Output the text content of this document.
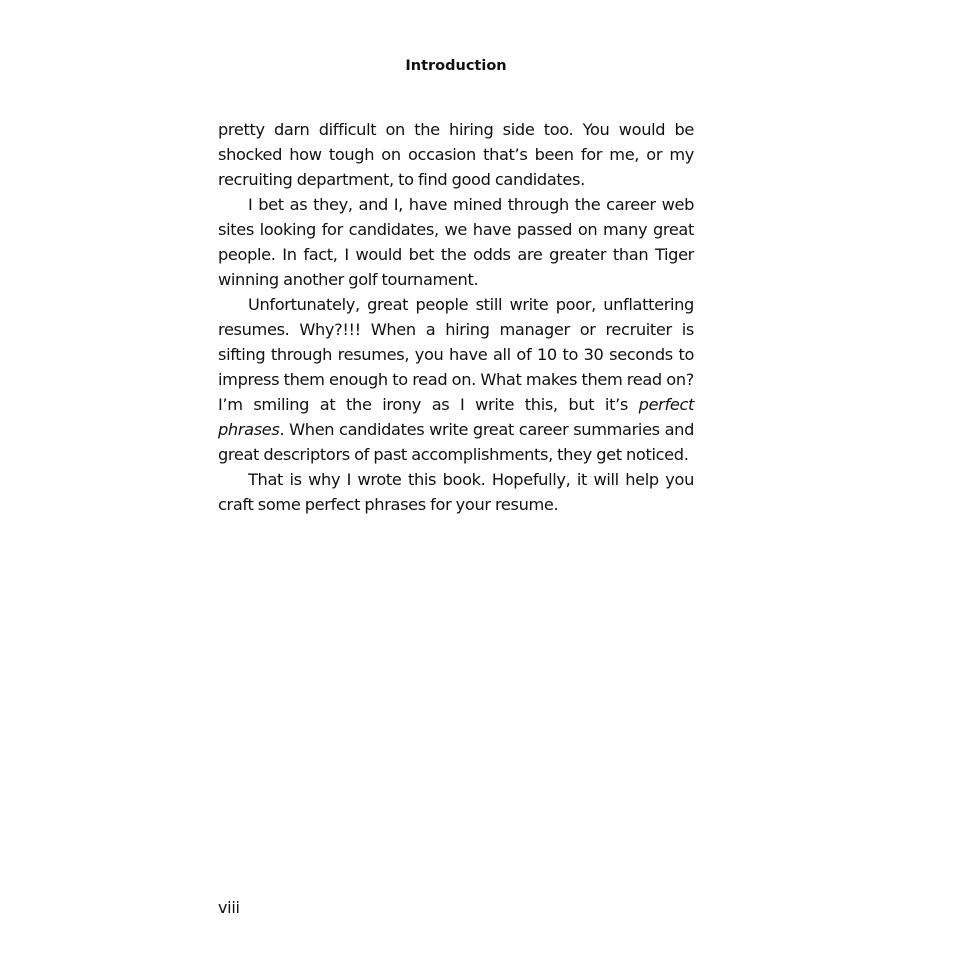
Introduction

pretty darn difficult on the hiring side too. You would be shocked how tough on occasion that’s been for me, or my recruiting department, to find good candidates.

I bet as they, and I, have mined through the career web sites looking for candidates, we have passed on many great people. In fact, I would bet the odds are greater than Tiger winning another golf tournament.

Unfortunately, great people still write poor, unflattering resumes. Why?!!! When a hiring manager or recruiter is sifting through resumes, you have all of 10 to 30 seconds to impress them enough to read on. What makes them read on? I’m smiling at the irony as I write this, but it’s perfect phrases. When candidates write great career summaries and great descriptors of past accomplishments, they get noticed.

That is why I wrote this book. Hopefully, it will help you craft some perfect phrases for your resume.

viii
